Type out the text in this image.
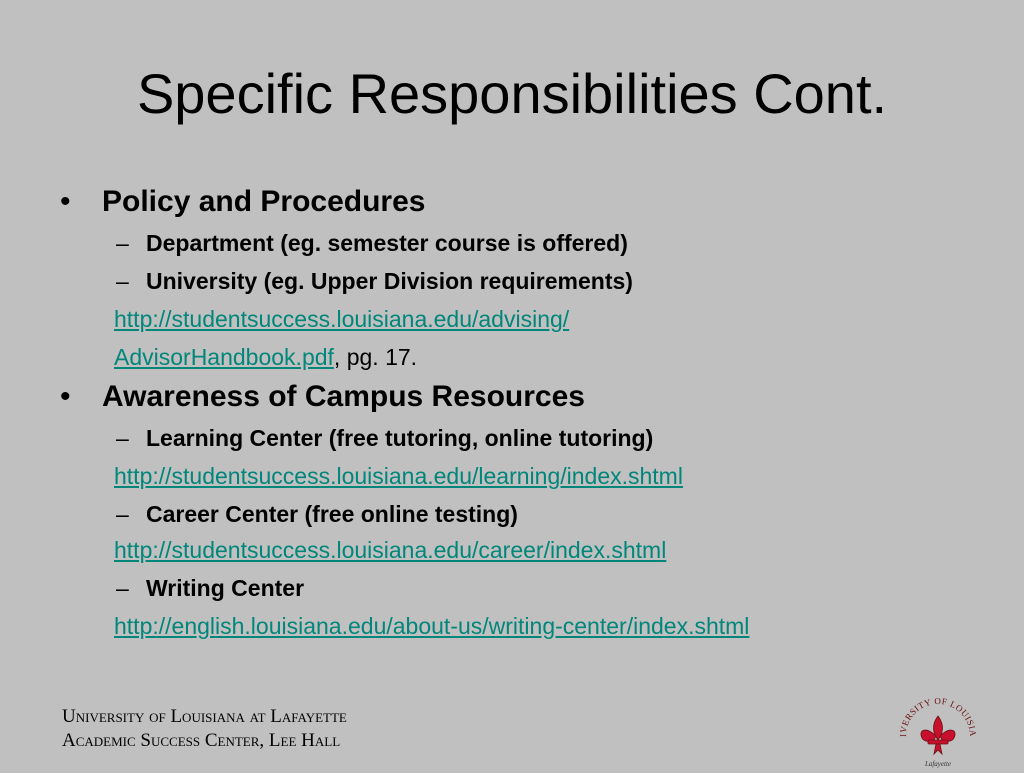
Specific Responsibilities Cont.
• Policy and Procedures
– Department (eg. semester course is offered)
– University (eg. Upper Division requirements)
http://studentsuccess.louisiana.edu/advising/
AdvisorHandbook.pdf, pg. 17.
• Awareness of Campus Resources
– Learning Center (free tutoring, online tutoring)
http://studentsuccess.louisiana.edu/learning/index.shtml
– Career Center (free online testing)
http://studentsuccess.louisiana.edu/career/index.shtml
– Writing Center
http://english.louisiana.edu/about-us/writing-center/index.shtml
University of Louisiana at Lafayette
Academic Success Center, Lee Hall	IVERSITY OF LOUISIA
Lafayette
